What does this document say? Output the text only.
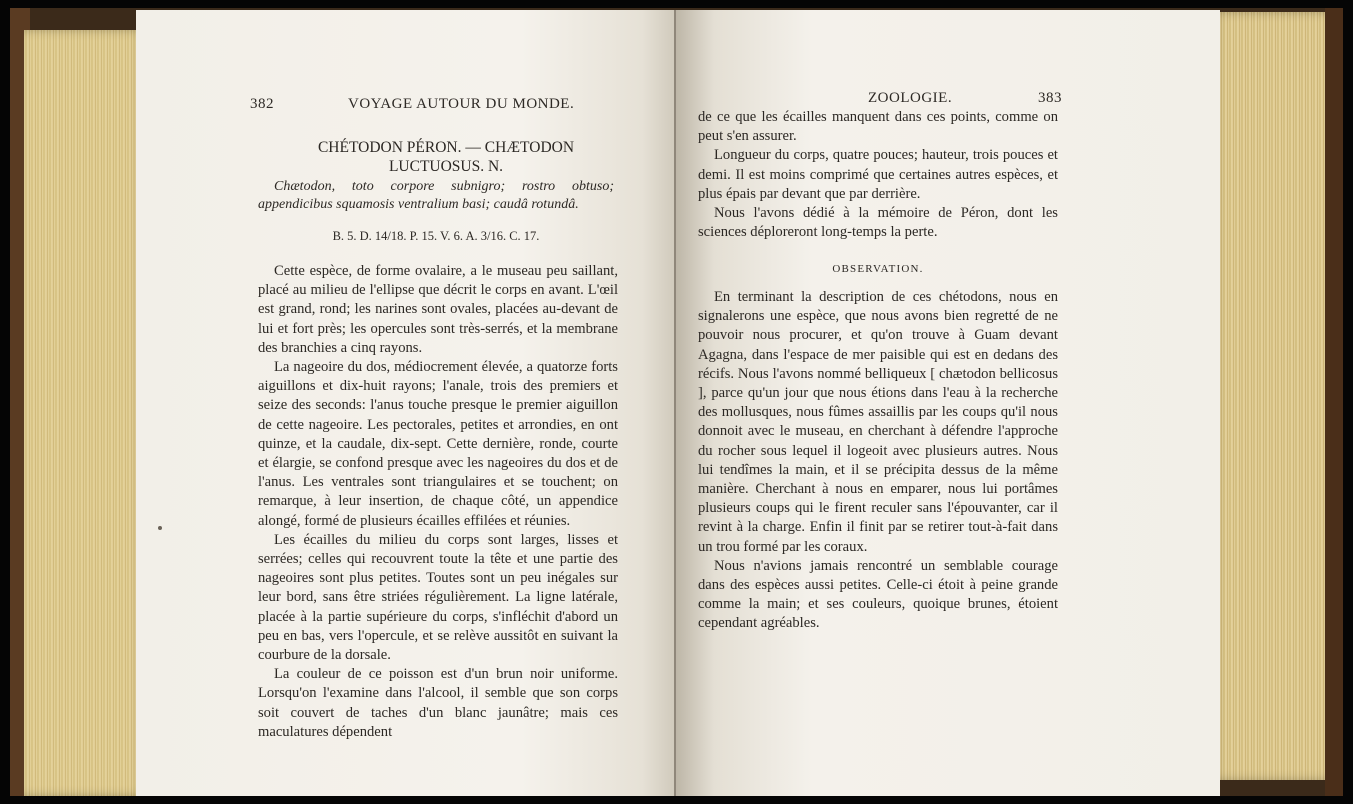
382	VOYAGE AUTOUR DU MONDE.
CHÉTODON PÉRON. — CHÆTODON LUCTUOSUS. N.
Chætodon, toto corpore subnigro; rostro obtuso; appendicibus squamosis ventralium basi; caudâ rotundâ.
B. 5. D. 14/18. P. 15. V. 6. A. 3/16. C. 17.

Cette espèce, de forme ovalaire, a le museau peu saillant, placé au milieu de l'ellipse que décrit le corps en avant. L'œil est grand, rond; les narines sont ovales, placées au-devant de lui et fort près; les opercules sont très-serrés, et la membrane des branchies a cinq rayons.

La nageoire du dos, médiocrement élevée, a quatorze forts aiguillons et dix-huit rayons; l'anale, trois des premiers et seize des seconds: l'anus touche presque le premier aiguillon de cette nageoire. Les pectorales, petites et arrondies, en ont quinze, et la caudale, dix-sept. Cette dernière, ronde, courte et élargie, se confond presque avec les nageoires du dos et de l'anus. Les ventrales sont triangulaires et se touchent; on remarque, à leur insertion, de chaque côté, un appendice alongé, formé de plusieurs écailles effilées et réunies.

Les écailles du milieu du corps sont larges, lisses et serrées; celles qui recouvrent toute la tête et une partie des nageoires sont plus petites. Toutes sont un peu inégales sur leur bord, sans être striées régulièrement. La ligne latérale, placée à la partie supérieure du corps, s'infléchit d'abord un peu en bas, vers l'opercule, et se relève aussitôt en suivant la courbure de la dorsale.

La couleur de ce poisson est d'un brun noir uniforme. Lorsqu'on l'examine dans l'alcool, il semble que son corps soit couvert de taches d'un blanc jaunâtre; mais ces maculatures dépendent

ZOOLOGIE.	383

de ce que les écailles manquent dans ces points, comme on peut s'en assurer.

Longueur du corps, quatre pouces; hauteur, trois pouces et demi. Il est moins comprimé que certaines autres espèces, et plus épais par devant que par derrière.

Nous l'avons dédié à la mémoire de Péron, dont les sciences déploreront long-temps la perte.

OBSERVATION.

En terminant la description de ces chétodons, nous en signalerons une espèce, que nous avons bien regretté de ne pouvoir nous procurer, et qu'on trouve à Guam devant Agagna, dans l'espace de mer paisible qui est en dedans des récifs. Nous l'avons nommé belliqueux [ chætodon bellicosus ], parce qu'un jour que nous étions dans l'eau à la recherche des mollusques, nous fûmes assaillis par les coups qu'il nous donnoit avec le museau, en cherchant à défendre l'approche du rocher sous lequel il logeoit avec plusieurs autres. Nous lui tendîmes la main, et il se précipita dessus de la même manière. Cherchant à nous en emparer, nous lui portâmes plusieurs coups qui le firent reculer sans l'épouvanter, car il revint à la charge. Enfin il finit par se retirer tout-à-fait dans un trou formé par les coraux.

Nous n'avions jamais rencontré un semblable courage dans des espèces aussi petites. Celle-ci étoit à peine grande comme la main; et ses couleurs, quoique brunes, étoient cependant agréables.
